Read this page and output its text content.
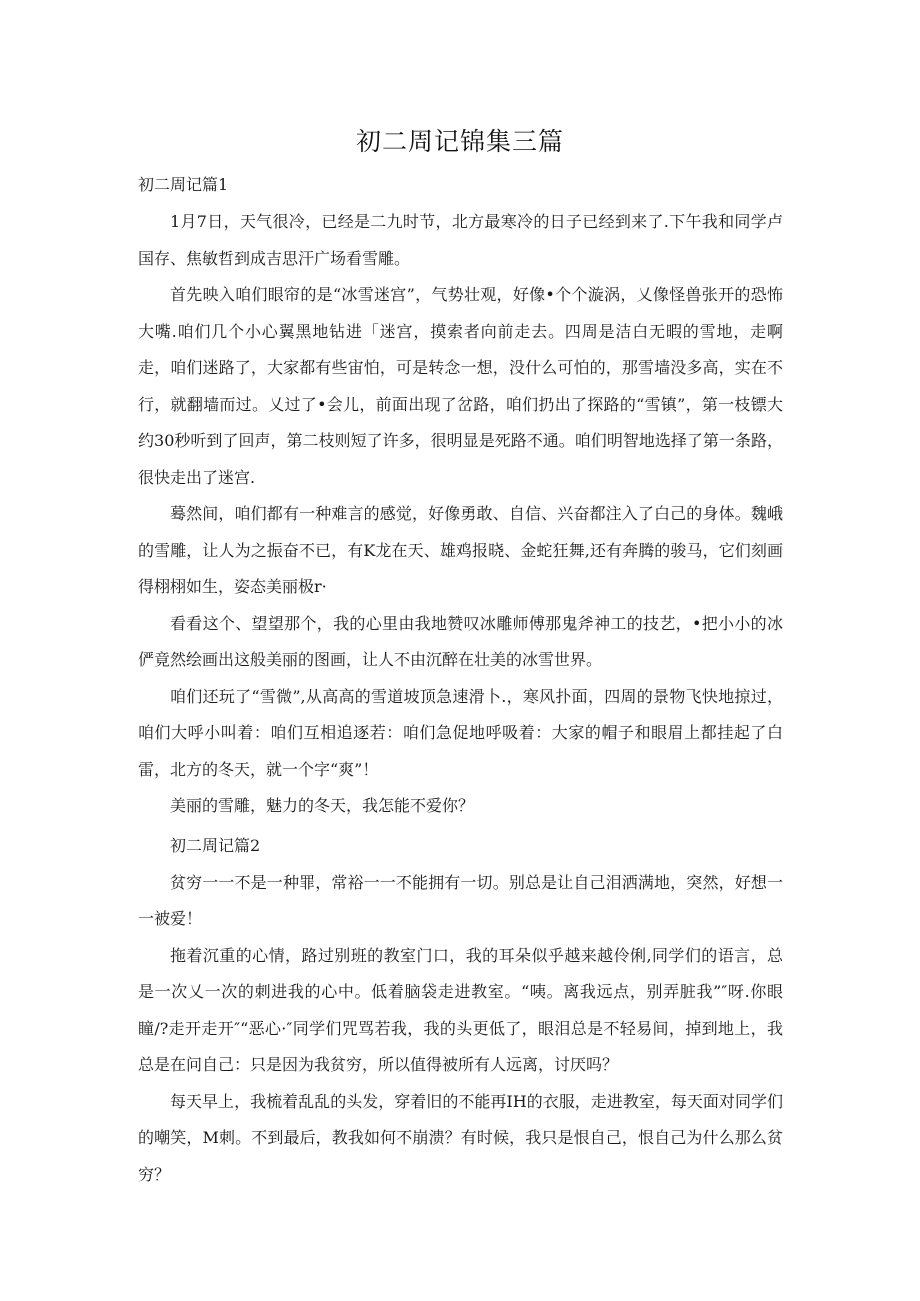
初二周记锦集三篇
初二周记篇1

1月7日，天气很冷，已经是二九时节，北方最寒冷的日子已经到来了.下午我和同学卢国存、焦敏哲到成吉思汗广场看雪雕。

首先映入咱们眼帘的是“冰雪迷宫”，气势壮观，好像•个个漩涡，乂像怪兽张开的恐怖大嘴.咱们几个小心翼黑地钻进「迷宫，摸索者向前走去。四周是洁白无暇的雪地，走啊走，咱们迷路了，大家都有些宙怕，可是转念一想，没什么可怕的，那雪墙没多高，实在不行，就翻墙而过。乂过了•会儿，前面出现了岔路，咱们扔出了探路的“雪镇”，第一枝镖大约30秒听到了回声，第二枝则短了许多，很明显是死路不通。咱们明智地选择了第一条路，很快走出了迷宫.

蓦然间，咱们都有一种难言的感觉，好像勇敢、自信、兴奋都注入了白己的身体。魏峨的雪雕，让人为之振奋不已，有K龙在天、雄鸡报晓、金蛇狂舞,还有奔腾的骏马，它们刻画得栩栩如生，姿态美丽极r·

看看这个、望望那个，我的心里由我地赞叹冰雕师傅那鬼斧神工的技艺，•把小小的冰俨竟然绘画出这般美丽的图画，让人不由沉醉在壮美的冰雪世界。

咱们还玩了“雪微”,从高高的雪道坡顶急速滑卜.，寒风扑面，四周的景物飞快地掠过，咱们大呼小叫着：咱们互相追逐若：咱们急促地呼吸着：大家的帽子和眼眉上都挂起了白雷，北方的冬天，就一个字“爽”！

美丽的雪雕，魅力的冬天，我怎能不爱你？

初二周记篇2

贫穷一一不是一种罪，常裕一一不能拥有一切。别总是让自己泪洒满地，突然，好想一一被爱！

拖着沉重的心情，路过别班的教室门口，我的耳朵似乎越来越伶俐,同学们的语言，总是一次乂一次的刺进我的心中。低着脑袋走进教室。“咦。离我远点，别弄脏我”″呀.你眼瞳/?走开走开″“恶心·″同学们咒骂若我，我的头更低了，眼泪总是不轻易间，掉到地上，我总是在问自己：只是因为我贫穷，所以值得被所有人远离，讨厌吗？

每天早上，我梳着乱乱的头发，穿着旧的不能再IH的衣服，走进教室，每天面对同学们的嘲笑，M刺。不到最后，教我如何不崩溃？有时候，我只是恨自己，恨自己为什么那么贫穷？
